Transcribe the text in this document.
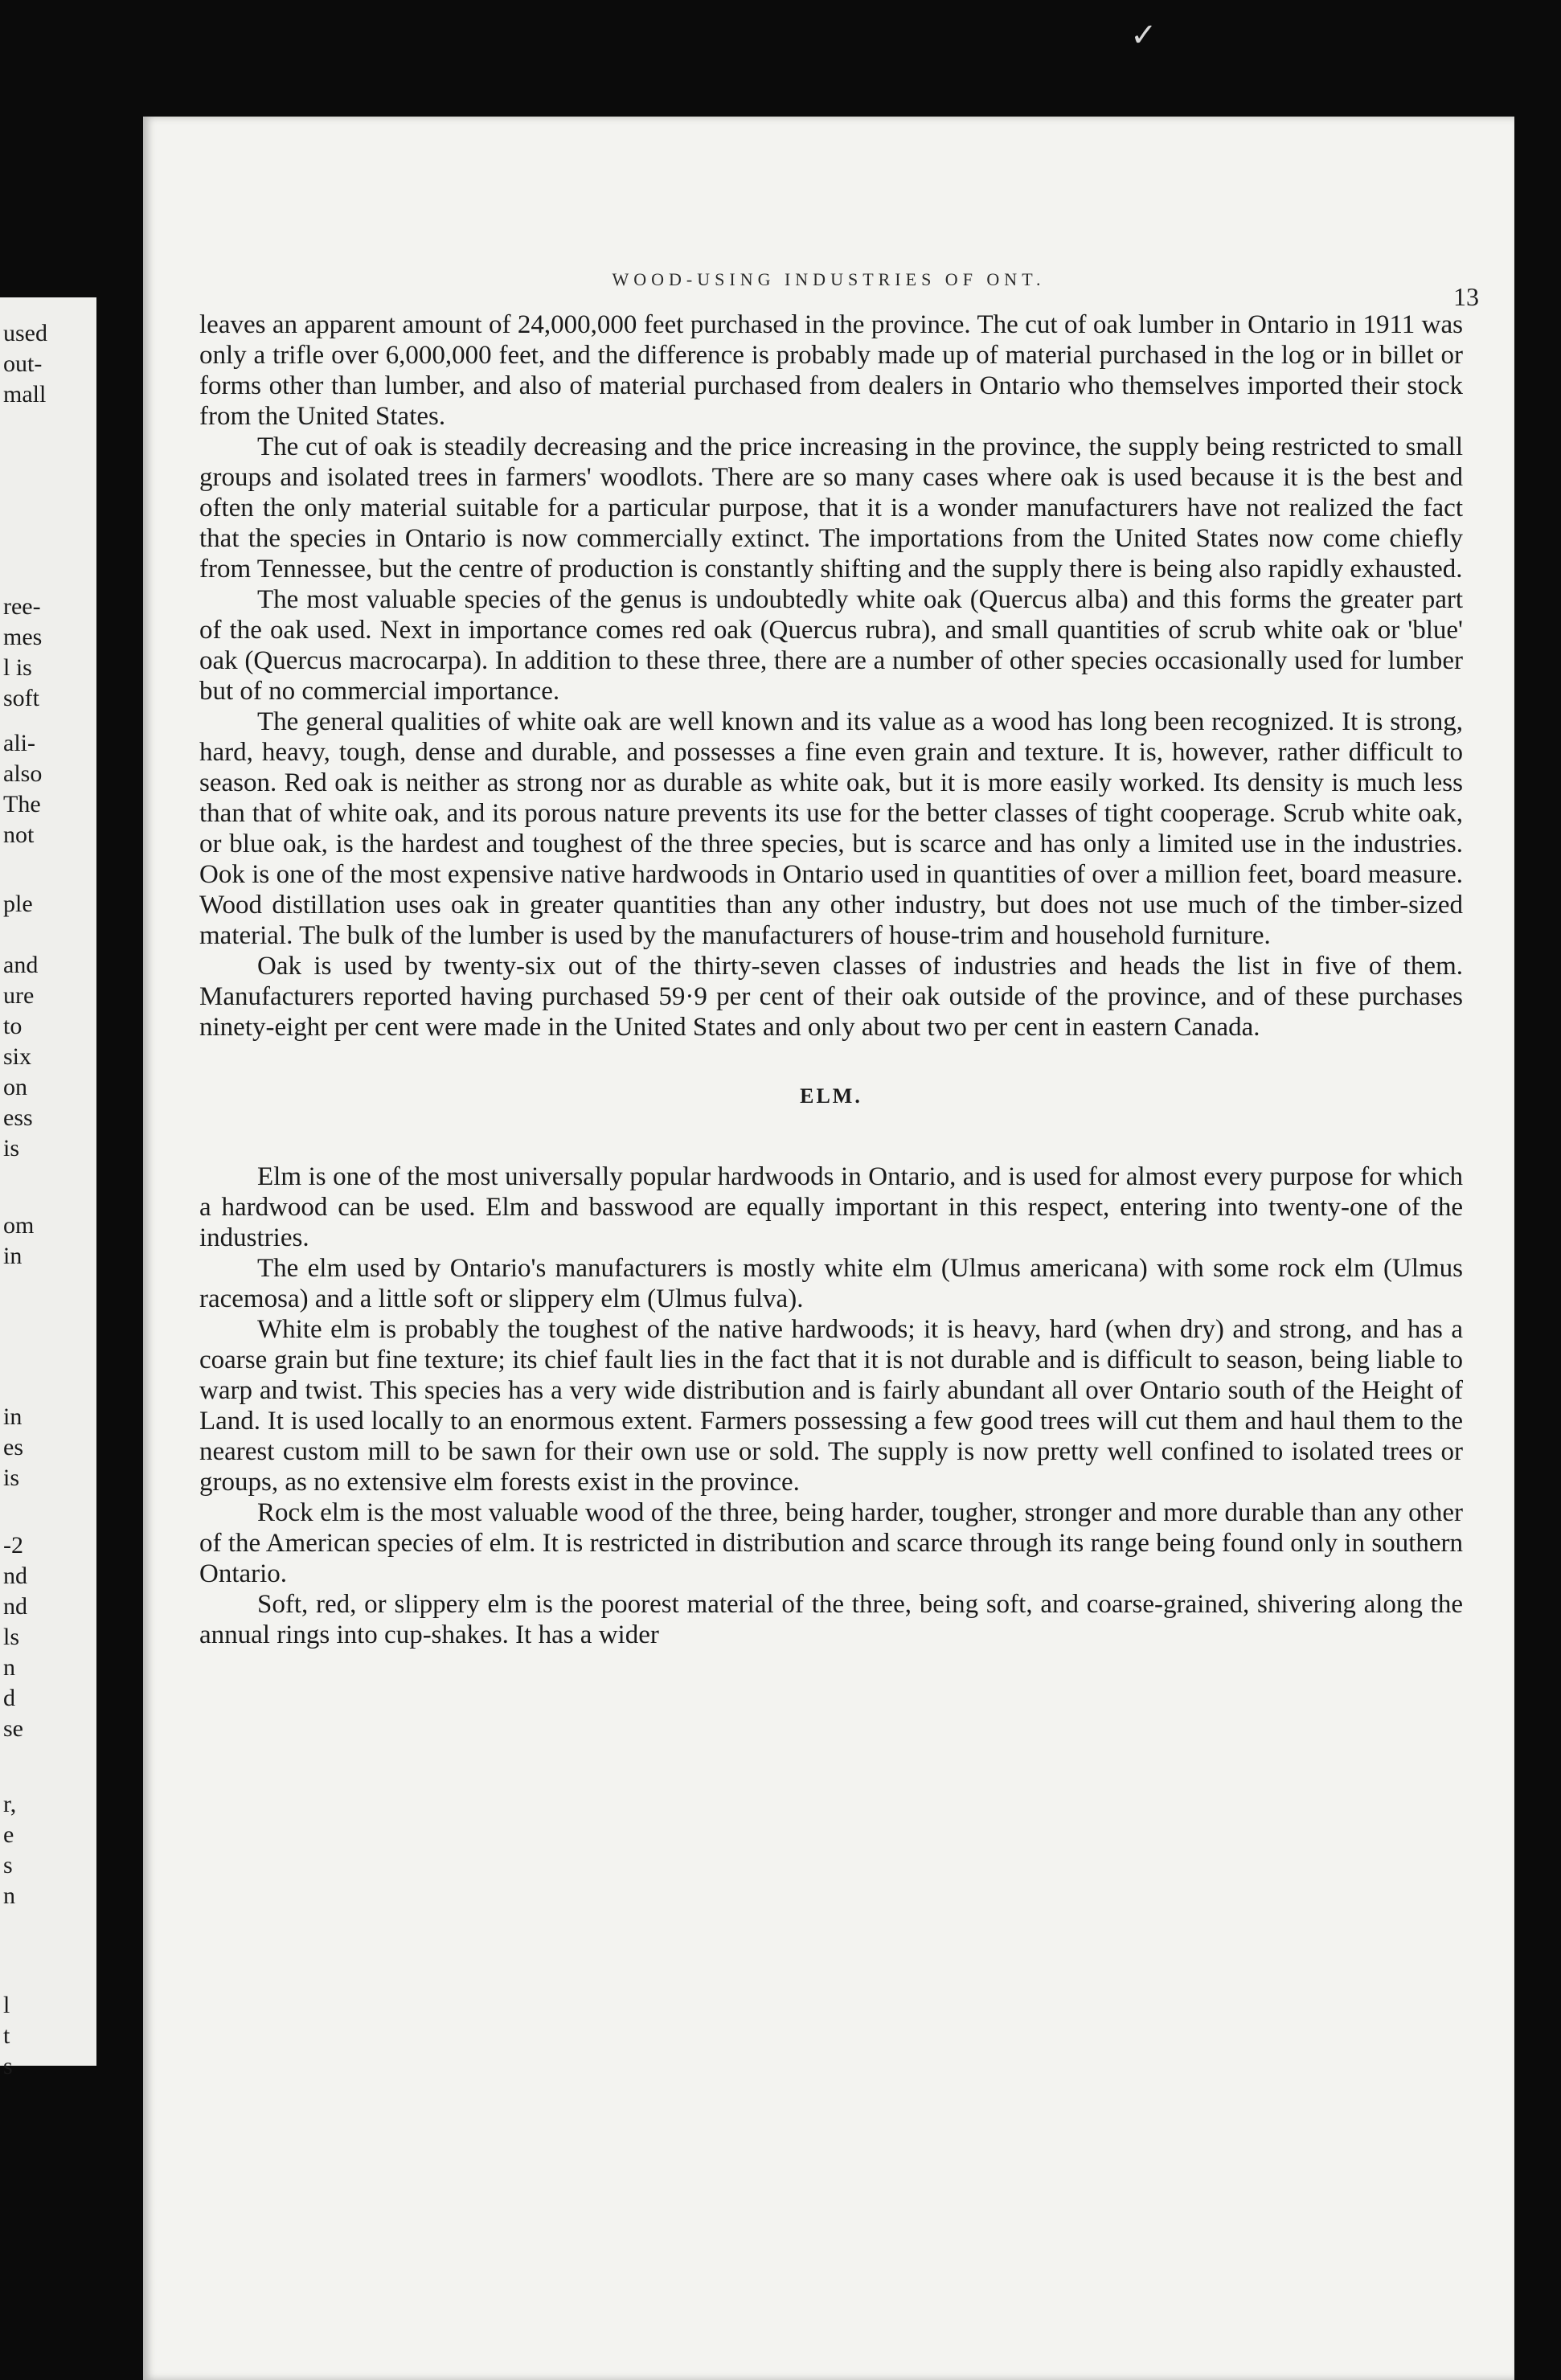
used
out-
mall
ree-
mes
l is
soft
ali-
also
The
not
ple
and
ure
to
six
on
ess
is
om
in
in
es
is
-2
nd
nd
ls
n
d
se
r,
e
s
n
l
t
s
✓
WOOD-USING INDUSTRIES OF ONT.
13

leaves an apparent amount of 24,000,000 feet purchased in the province. The cut of oak lumber in Ontario in 1911 was only a trifle over 6,000,000 feet, and the difference is probably made up of material purchased in the log or in billet or forms other than lumber, and also of material purchased from dealers in Ontario who themselves imported their stock from the United States.

The cut of oak is steadily decreasing and the price increasing in the province, the supply being restricted to small groups and isolated trees in farmers' woodlots. There are so many cases where oak is used because it is the best and often the only material suitable for a particular purpose, that it is a wonder manufacturers have not realized the fact that the species in Ontario is now commercially extinct. The importations from the United States now come chiefly from Tennessee, but the centre of production is constantly shifting and the supply there is being also rapidly exhausted.

The most valuable species of the genus is undoubtedly white oak (Quercus alba) and this forms the greater part of the oak used. Next in importance comes red oak (Quercus rubra), and small quantities of scrub white oak or 'blue' oak (Quercus macrocarpa). In addition to these three, there are a number of other species occasionally used for lumber but of no commercial importance.

The general qualities of white oak are well known and its value as a wood has long been recognized. It is strong, hard, heavy, tough, dense and durable, and possesses a fine even grain and texture. It is, however, rather difficult to season. Red oak is neither as strong nor as durable as white oak, but it is more easily worked. Its density is much less than that of white oak, and its porous nature prevents its use for the better classes of tight cooperage. Scrub white oak, or blue oak, is the hardest and toughest of the three species, but is scarce and has only a limited use in the industries. Ook is one of the most expensive native hardwoods in Ontario used in quantities of over a million feet, board measure. Wood distillation uses oak in greater quantities than any other industry, but does not use much of the timber-sized material. The bulk of the lumber is used by the manufacturers of house-trim and household furniture.

Oak is used by twenty-six out of the thirty-seven classes of industries and heads the list in five of them. Manufacturers reported having purchased 59·9 per cent of their oak outside of the province, and of these purchases ninety-eight per cent were made in the United States and only about two per cent in eastern Canada.

ELM.

Elm is one of the most universally popular hardwoods in Ontario, and is used for almost every purpose for which a hardwood can be used. Elm and basswood are equally important in this respect, entering into twenty-one of the industries.

The elm used by Ontario's manufacturers is mostly white elm (Ulmus americana) with some rock elm (Ulmus racemosa) and a little soft or slippery elm (Ulmus fulva).

White elm is probably the toughest of the native hardwoods; it is heavy, hard (when dry) and strong, and has a coarse grain but fine texture; its chief fault lies in the fact that it is not durable and is difficult to season, being liable to warp and twist. This species has a very wide distribution and is fairly abundant all over Ontario south of the Height of Land. It is used locally to an enormous extent. Farmers possessing a few good trees will cut them and haul them to the nearest custom mill to be sawn for their own use or sold. The supply is now pretty well confined to isolated trees or groups, as no extensive elm forests exist in the province.

Rock elm is the most valuable wood of the three, being harder, tougher, stronger and more durable than any other of the American species of elm. It is restricted in distribution and scarce through its range being found only in southern Ontario.

Soft, red, or slippery elm is the poorest material of the three, being soft, and coarse-grained, shivering along the annual rings into cup-shakes. It has a wider
